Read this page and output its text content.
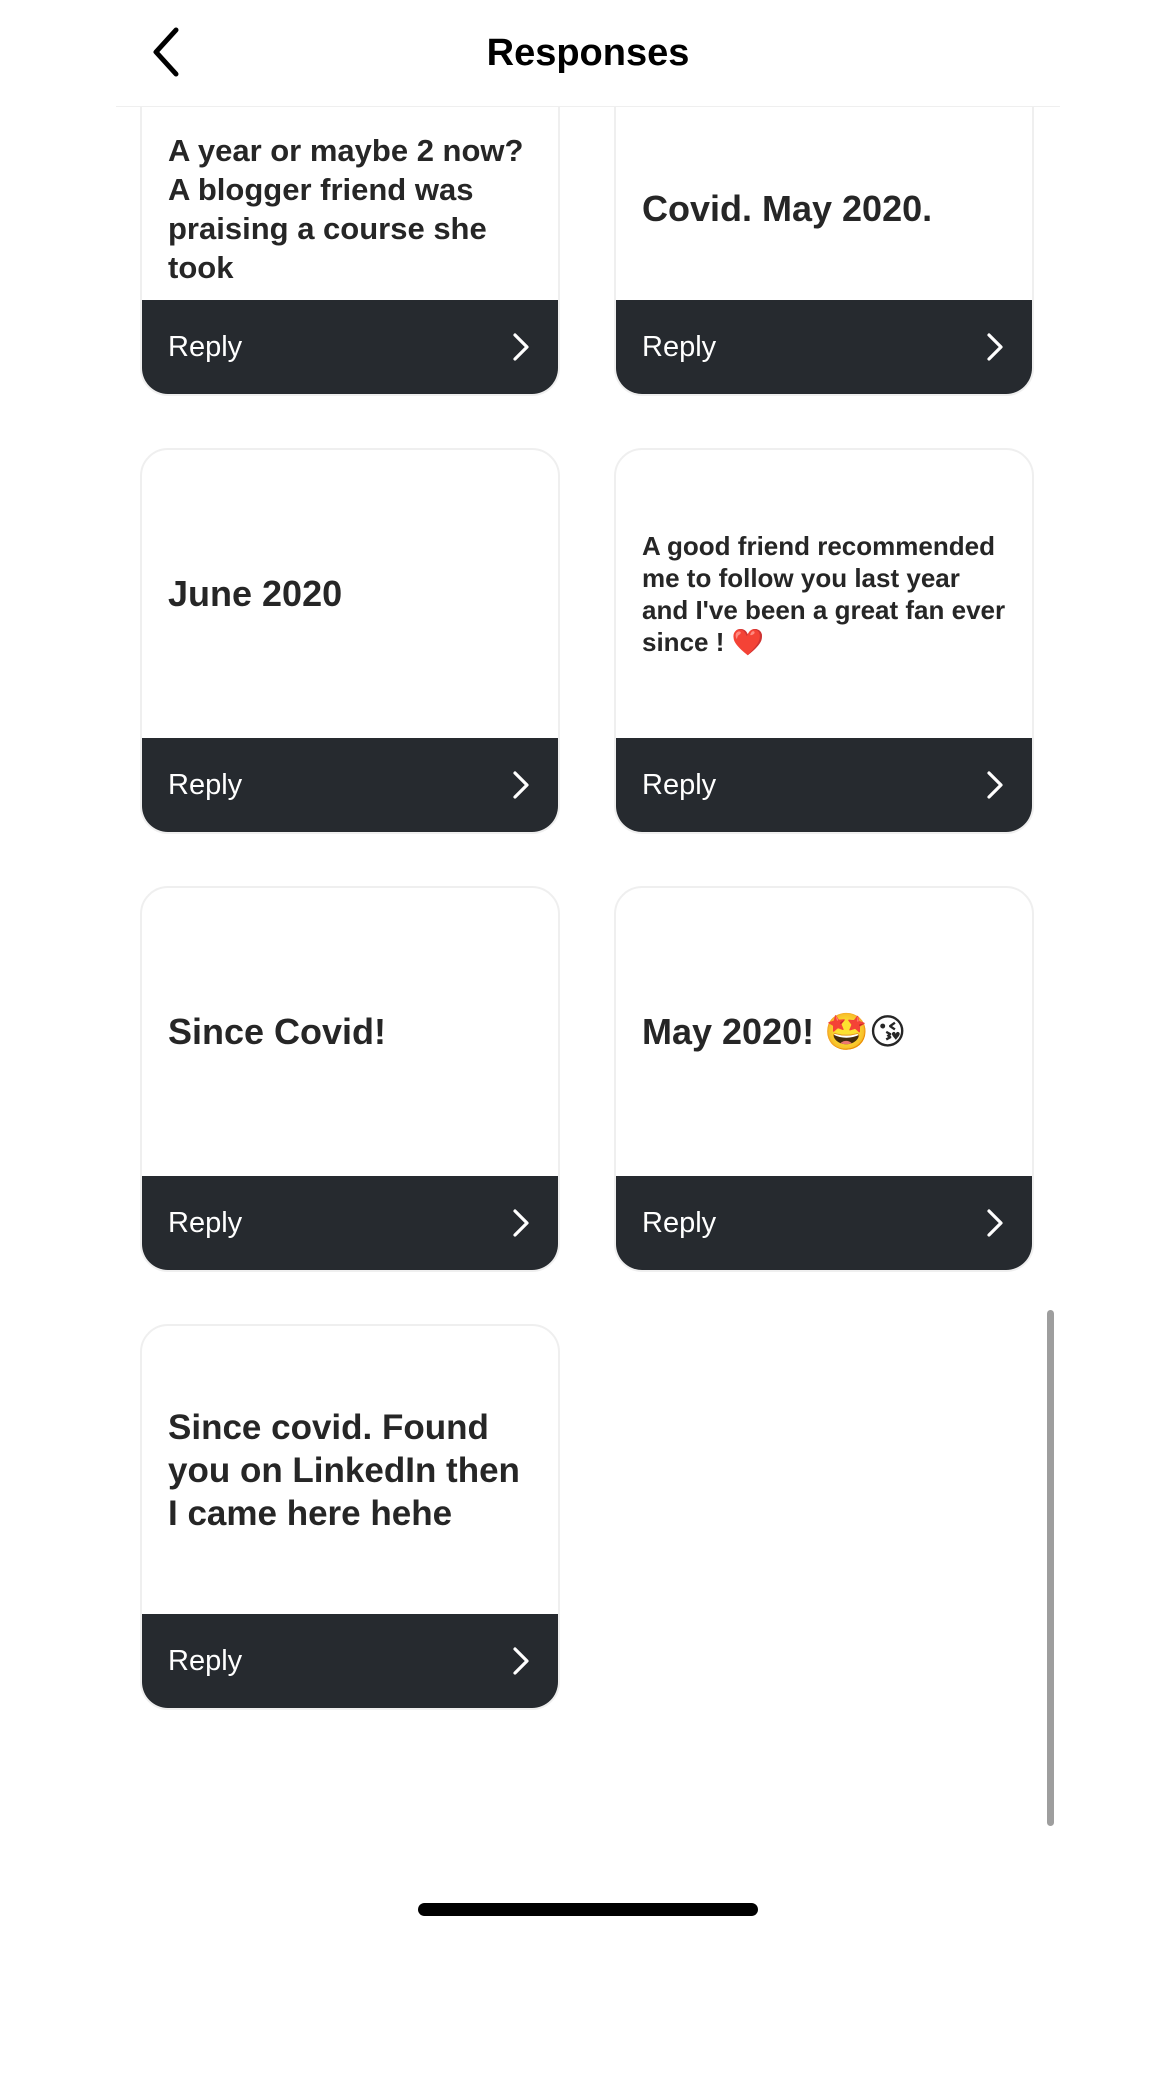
A year or maybe 2 now? A blogger friend was praising a course she took
Reply
Covid. May 2020.
Reply
June 2020
Reply
A good friend recommended me to follow you last year and I've been a great fan ever since ! ❤️
Reply
Since Covid!
Reply
May 2020! 🤩😘
Reply
Since covid. Found you on LinkedIn then I came here hehe
Reply
Responses
